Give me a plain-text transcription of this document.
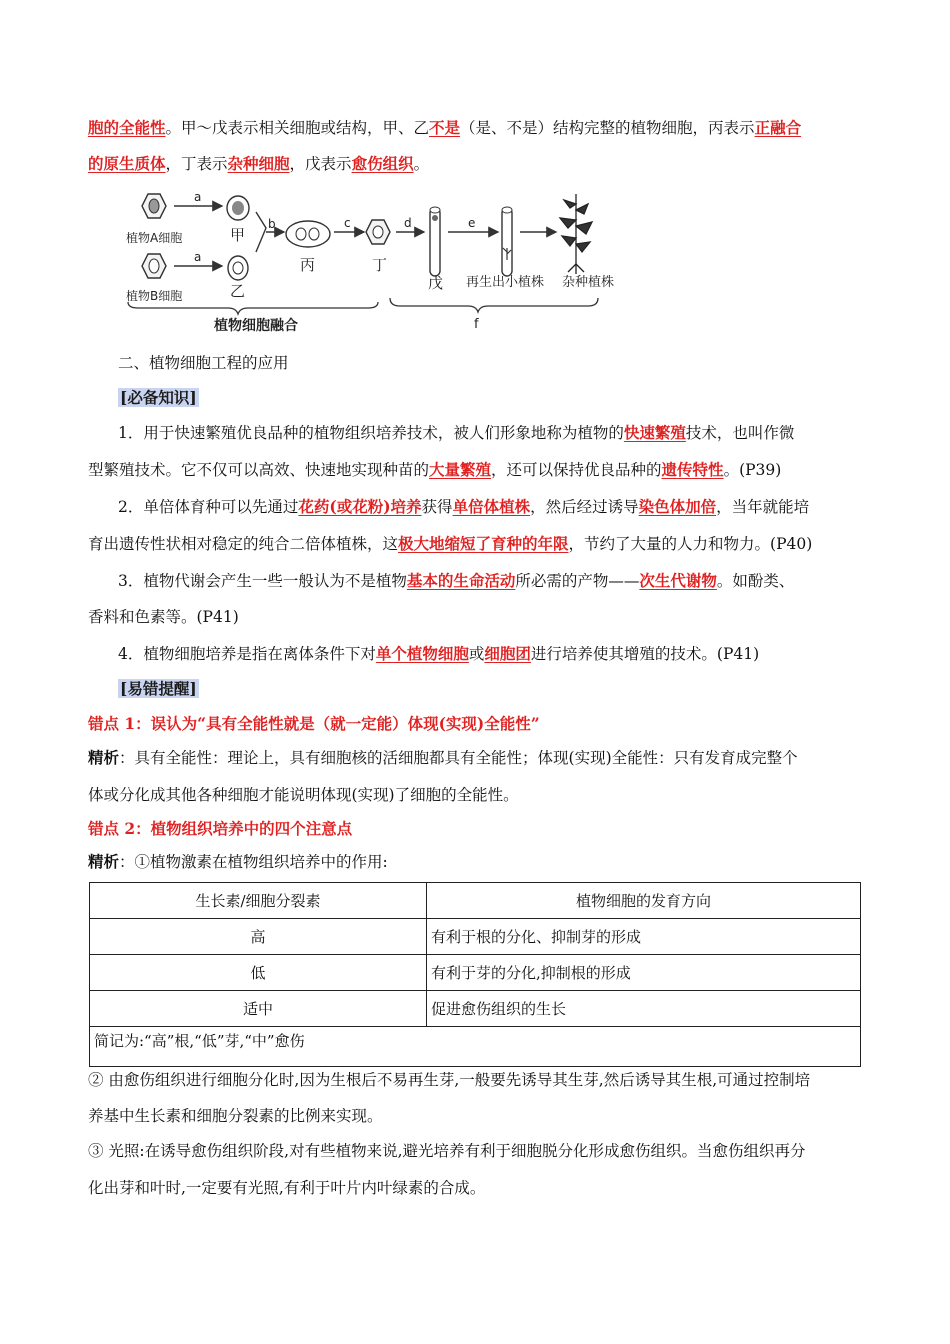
胞的全能性。甲～戊表示相关细胞或结构，甲、乙不是（是、不是）结构完整的植物细胞，丙表示正融合
的原生质体，丁表示杂种细胞，戊表示愈伤组织。
植物A细胞
a
甲
植物B细胞
a
乙
b
丙
c
丁
d
戊
e
再生出小植株 杂种植株
植物细胞融合	f
二、植物细胞工程的应用
[必备知识]
1．用于快速繁殖优良品种的植物组织培养技术，被人们形象地称为植物的快速繁殖技术，也叫作微
型繁殖技术。它不仅可以高效、快速地实现种苗的大量繁殖，还可以保持优良品种的遗传特性。(P39)
2．单倍体育种可以先通过花药(或花粉)培养获得单倍体植株，然后经过诱导染色体加倍，当年就能培
育出遗传性状相对稳定的纯合二倍体植株，这极大地缩短了育种的年限，节约了大量的人力和物力。(P40)
3．植物代谢会产生一些一般认为不是植物基本的生命活动所必需的产物——次生代谢物。如酚类、
香料和色素等。(P41)
4．植物细胞培养是指在离体条件下对单个植物细胞或细胞团进行培养使其增殖的技术。(P41)
[易错提醒]
错点 1：误认为“具有全能性就是（就一定能）体现(实现)全能性”
精析：具有全能性：理论上，具有细胞核的活细胞都具有全能性；体现(实现)全能性：只有发育成完整个
体或分化成其他各种细胞才能说明体现(实现)了细胞的全能性。
错点 2：植物组织培养中的四个注意点
精析：①植物激素在植物组织培养中的作用:
生长素/细胞分裂素	植物细胞的发育方向
高	有利于根的分化、抑制芽的形成
低	有利于芽的分化,抑制根的形成
适中	促进愈伤组织的生长
简记为:“高”根,“低”芽,“中”愈伤	
② 由愈伤组织进行细胞分化时,因为生根后不易再生芽,一般要先诱导其生芽,然后诱导其生根,可通过控制培
养基中生长素和细胞分裂素的比例来实现。
③ 光照:在诱导愈伤组织阶段,对有些植物来说,避光培养有利于细胞脱分化形成愈伤组织。当愈伤组织再分
化出芽和叶时,一定要有光照,有利于叶片内叶绿素的合成。
